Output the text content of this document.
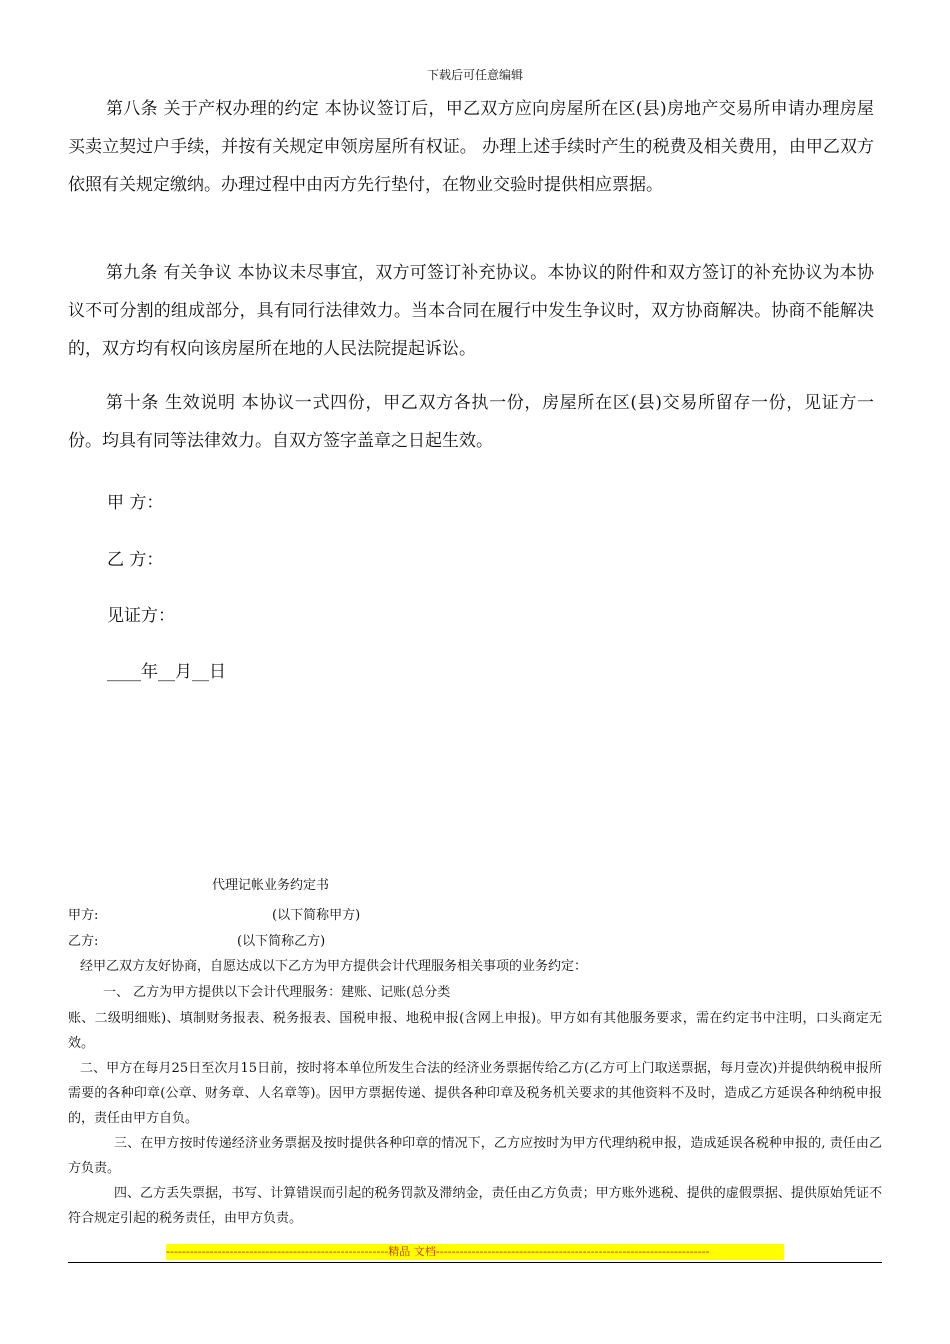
下载后可任意编辑

第八条 关于产权办理的约定 本协议签订后，甲乙双方应向房屋所在区(县)房地产交易所申请办理房屋买卖立契过户手续，并按有关规定申领房屋所有权证。 办理上述手续时产生的税费及相关费用，由甲乙双方依照有关规定缴纳。办理过程中由丙方先行垫付，在物业交验时提供相应票据。

第九条 有关争议 本协议未尽事宜，双方可签订补充协议。本协议的附件和双方签订的补充协议为本协议不可分割的组成部分，具有同行法律效力。当本合同在履行中发生争议时，双方协商解决。协商不能解决的，双方均有权向该房屋所在地的人民法院提起诉讼。

第十条 生效说明 本协议一式四份，甲乙双方各执一份，房屋所在区(县)交易所留存一份，见证方一份。均具有同等法律效力。自双方签字盖章之日起生效。

甲 方：

乙 方：

见证方：

____年__月__日

代理记帐业务约定书

甲方:	(以下简称甲方)

乙方:	(以下简称乙方)

经甲乙双方友好协商，自愿达成以下乙方为甲方提供会计代理服务相关事项的业务约定：

一、 乙方为甲方提供以下会计代理服务：建账、记账(总分类

账、二级明细账)、填制财务报表、税务报表、国税申报、地税申报(含网上申报)。甲方如有其他服务要求，需在约定书中注明，口头商定无效。

二、甲方在每月25日至次月15日前，按时将本单位所发生合法的经济业务票据传给乙方(乙方可上门取送票据，每月壹次)并提供纳税申报所需要的各种印章(公章、财务章、人名章等)。因甲方票据传递、提供各种印章及税务机关要求的其他资料不及时，造成乙方延误各种纳税申报的，责任由甲方自负。

三、在甲方按时传递经济业务票据及按时提供各种印章的情况下，乙方应按时为甲方代理纳税申报，造成延误各税种申报的, 责任由乙方负责。

四、乙方丢失票据，书写、计算错误而引起的税务罚款及滞纳金，责任由乙方负责；甲方账外逃税、提供的虚假票据、提供原始凭证不符合规定引起的税务责任，由甲方负责。

--------------------------------------------------------精品 文档---------------------------------------------------------------------
